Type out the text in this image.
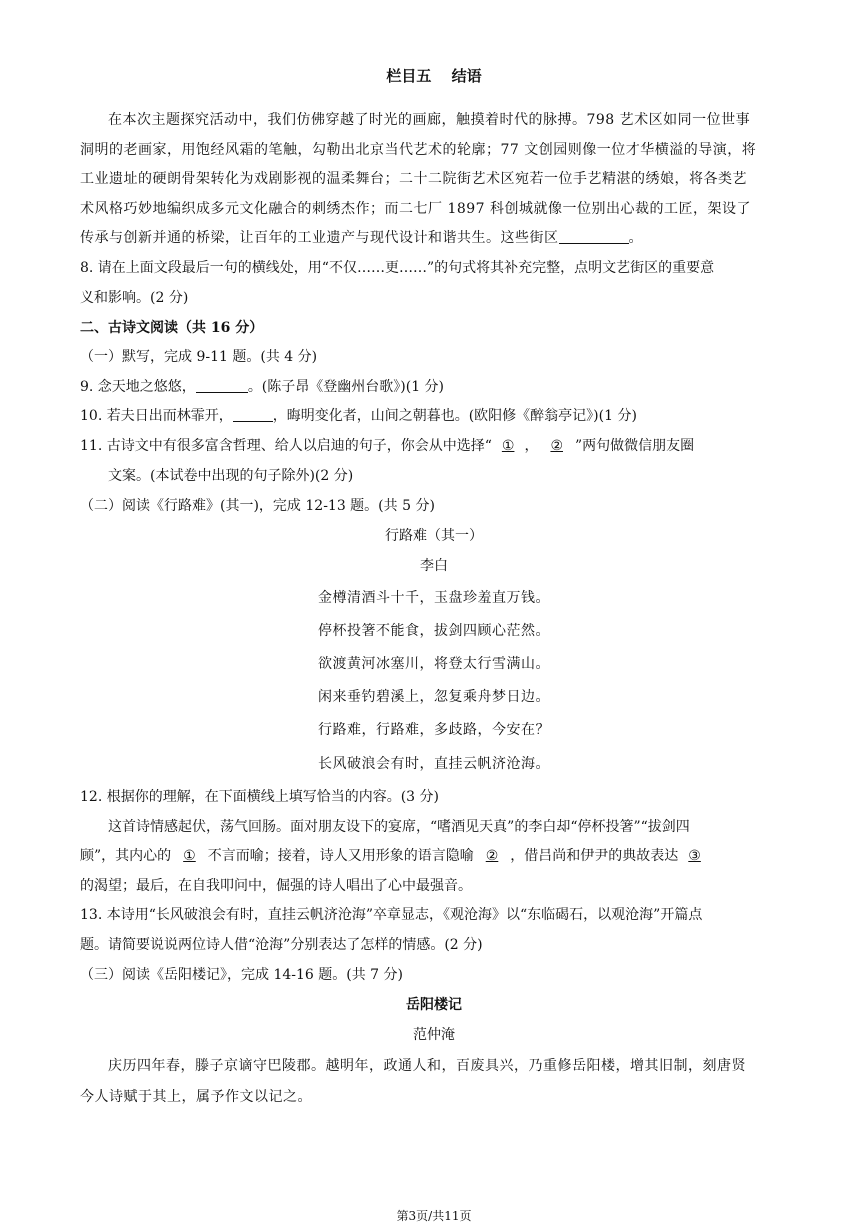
栏目五　 结语
在本次主题探究活动中，我们仿佛穿越了时光的画廊，触摸着时代的脉搏。798 艺术区如同一位世事
洞明的老画家，用饱经风霜的笔触，勾勒出北京当代艺术的轮廓；77 文创园则像一位才华横溢的导演，将
工业遗址的硬朗骨架转化为戏剧影视的温柔舞台；二十二院街艺术区宛若一位手艺精湛的绣娘，将各类艺
术风格巧妙地编织成多元文化融合的刺绣杰作；而二七厂 1897 科创城就像一位别出心裁的工匠，架设了
传承与创新并通的桥梁，让百年的工业遗产与现代设计和谐共生。这些街区	。
8. 请在上面文段最后一句的横线处，用“不仅……更……”的句式将其补充完整，点明文艺街区的重要意
义和影响。(2 分)
二、古诗文阅读（共 16 分）
（一）默写，完成 9-11 题。(共 4 分)
9. 念天地之悠悠，	。(陈子昂《登幽州台歌》)(1 分)
10. 若夫日出而林霏开，	，晦明变化者，山间之朝暮也。(欧阳修《醉翁亭记》)(1 分)
11. 古诗文中有很多富含哲理、给人以启迪的句子，你会从中选择“ ① ， ② ”两句做微信朋友圈
文案。(本试卷中出现的句子除外)(2 分)
（二）阅读《行路难》(其一)，完成 12-13 题。(共 5 分)
行路难（其一）
李白
金樽清酒斗十千，玉盘珍羞直万钱。
停杯投箸不能食，拔剑四顾心茫然。
欲渡黄河冰塞川，将登太行雪满山。
闲来垂钓碧溪上，忽复乘舟梦日边。
行路难，行路难，多歧路，今安在？
长风破浪会有时，直挂云帆济沧海。
12. 根据你的理解，在下面横线上填写恰当的内容。(3 分)
这首诗情感起伏，荡气回肠。面对朋友设下的宴席，“嗜酒见天真”的李白却“停杯投箸”“拔剑四
顾”，其内心的 ① 不言而喻；接着，诗人又用形象的语言隐喻 ② ，借吕尚和伊尹的典故表达 ③
的渴望；最后，在自我叩问中，倔强的诗人唱出了心中最强音。
13. 本诗用“长风破浪会有时，直挂云帆济沧海”卒章显志，《观沧海》以“东临碣石，以观沧海”开篇点
题。请简要说说两位诗人借“沧海”分别表达了怎样的情感。(2 分)
（三）阅读《岳阳楼记》，完成 14-16 题。(共 7 分)
岳阳楼记
范仲淹
庆历四年春，滕子京谪守巴陵郡。越明年，政通人和，百废具兴，乃重修岳阳楼，增其旧制，刻唐贤
今人诗赋于其上，属予作文以记之。
第3页/共11页
